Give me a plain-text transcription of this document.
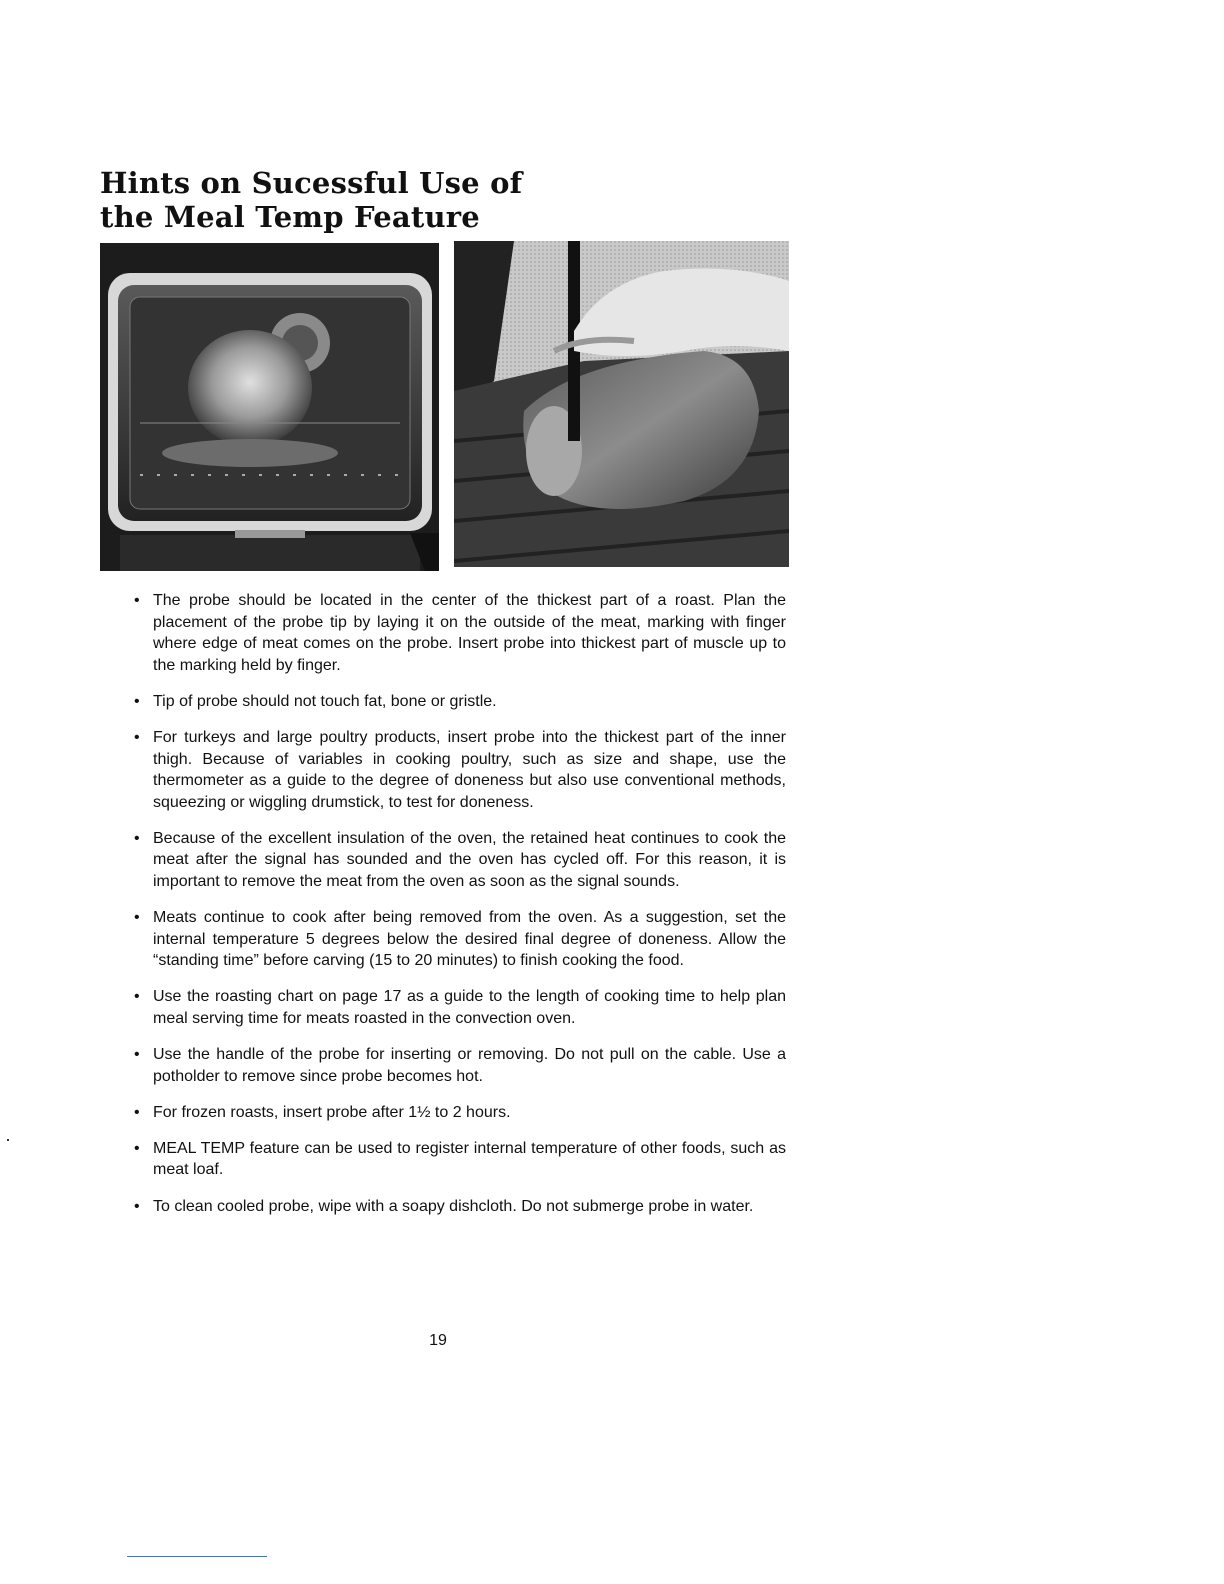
Hints on Sucessful Use of
the Meal Temp Feature
• The probe should be located in the center of the thickest part of a roast. Plan the placement of the probe tip by laying it on the outside of the meat, marking with finger where edge of meat comes on the probe. Insert probe into thickest part of muscle up to the marking held by finger.
• Tip of probe should not touch fat, bone or gristle.
• For turkeys and large poultry products, insert probe into the thickest part of the inner thigh. Because of variables in cooking poultry, such as size and shape, use the thermometer as a guide to the degree of doneness but also use conventional methods, squeezing or wiggling drumstick, to test for doneness.
• Because of the excellent insulation of the oven, the retained heat continues to cook the meat after the signal has sounded and the oven has cycled off. For this reason, it is important to remove the meat from the oven as soon as the signal sounds.
• Meats continue to cook after being removed from the oven. As a suggestion, set the internal temperature 5 degrees below the desired final degree of doneness. Allow the “standing time” before carving (15 to 20 minutes) to finish cooking the food.
• Use the roasting chart on page 17 as a guide to the length of cooking time to help plan meal serving time for meats roasted in the convection oven.
• Use the handle of the probe for inserting or removing. Do not pull on the cable. Use a potholder to remove since probe becomes hot.
• For frozen roasts, insert probe after 1½ to 2 hours.
• MEAL TEMP feature can be used to register internal temperature of other foods, such as meat loaf.
• To clean cooled probe, wipe with a soapy dishcloth. Do not submerge probe in water.
19
